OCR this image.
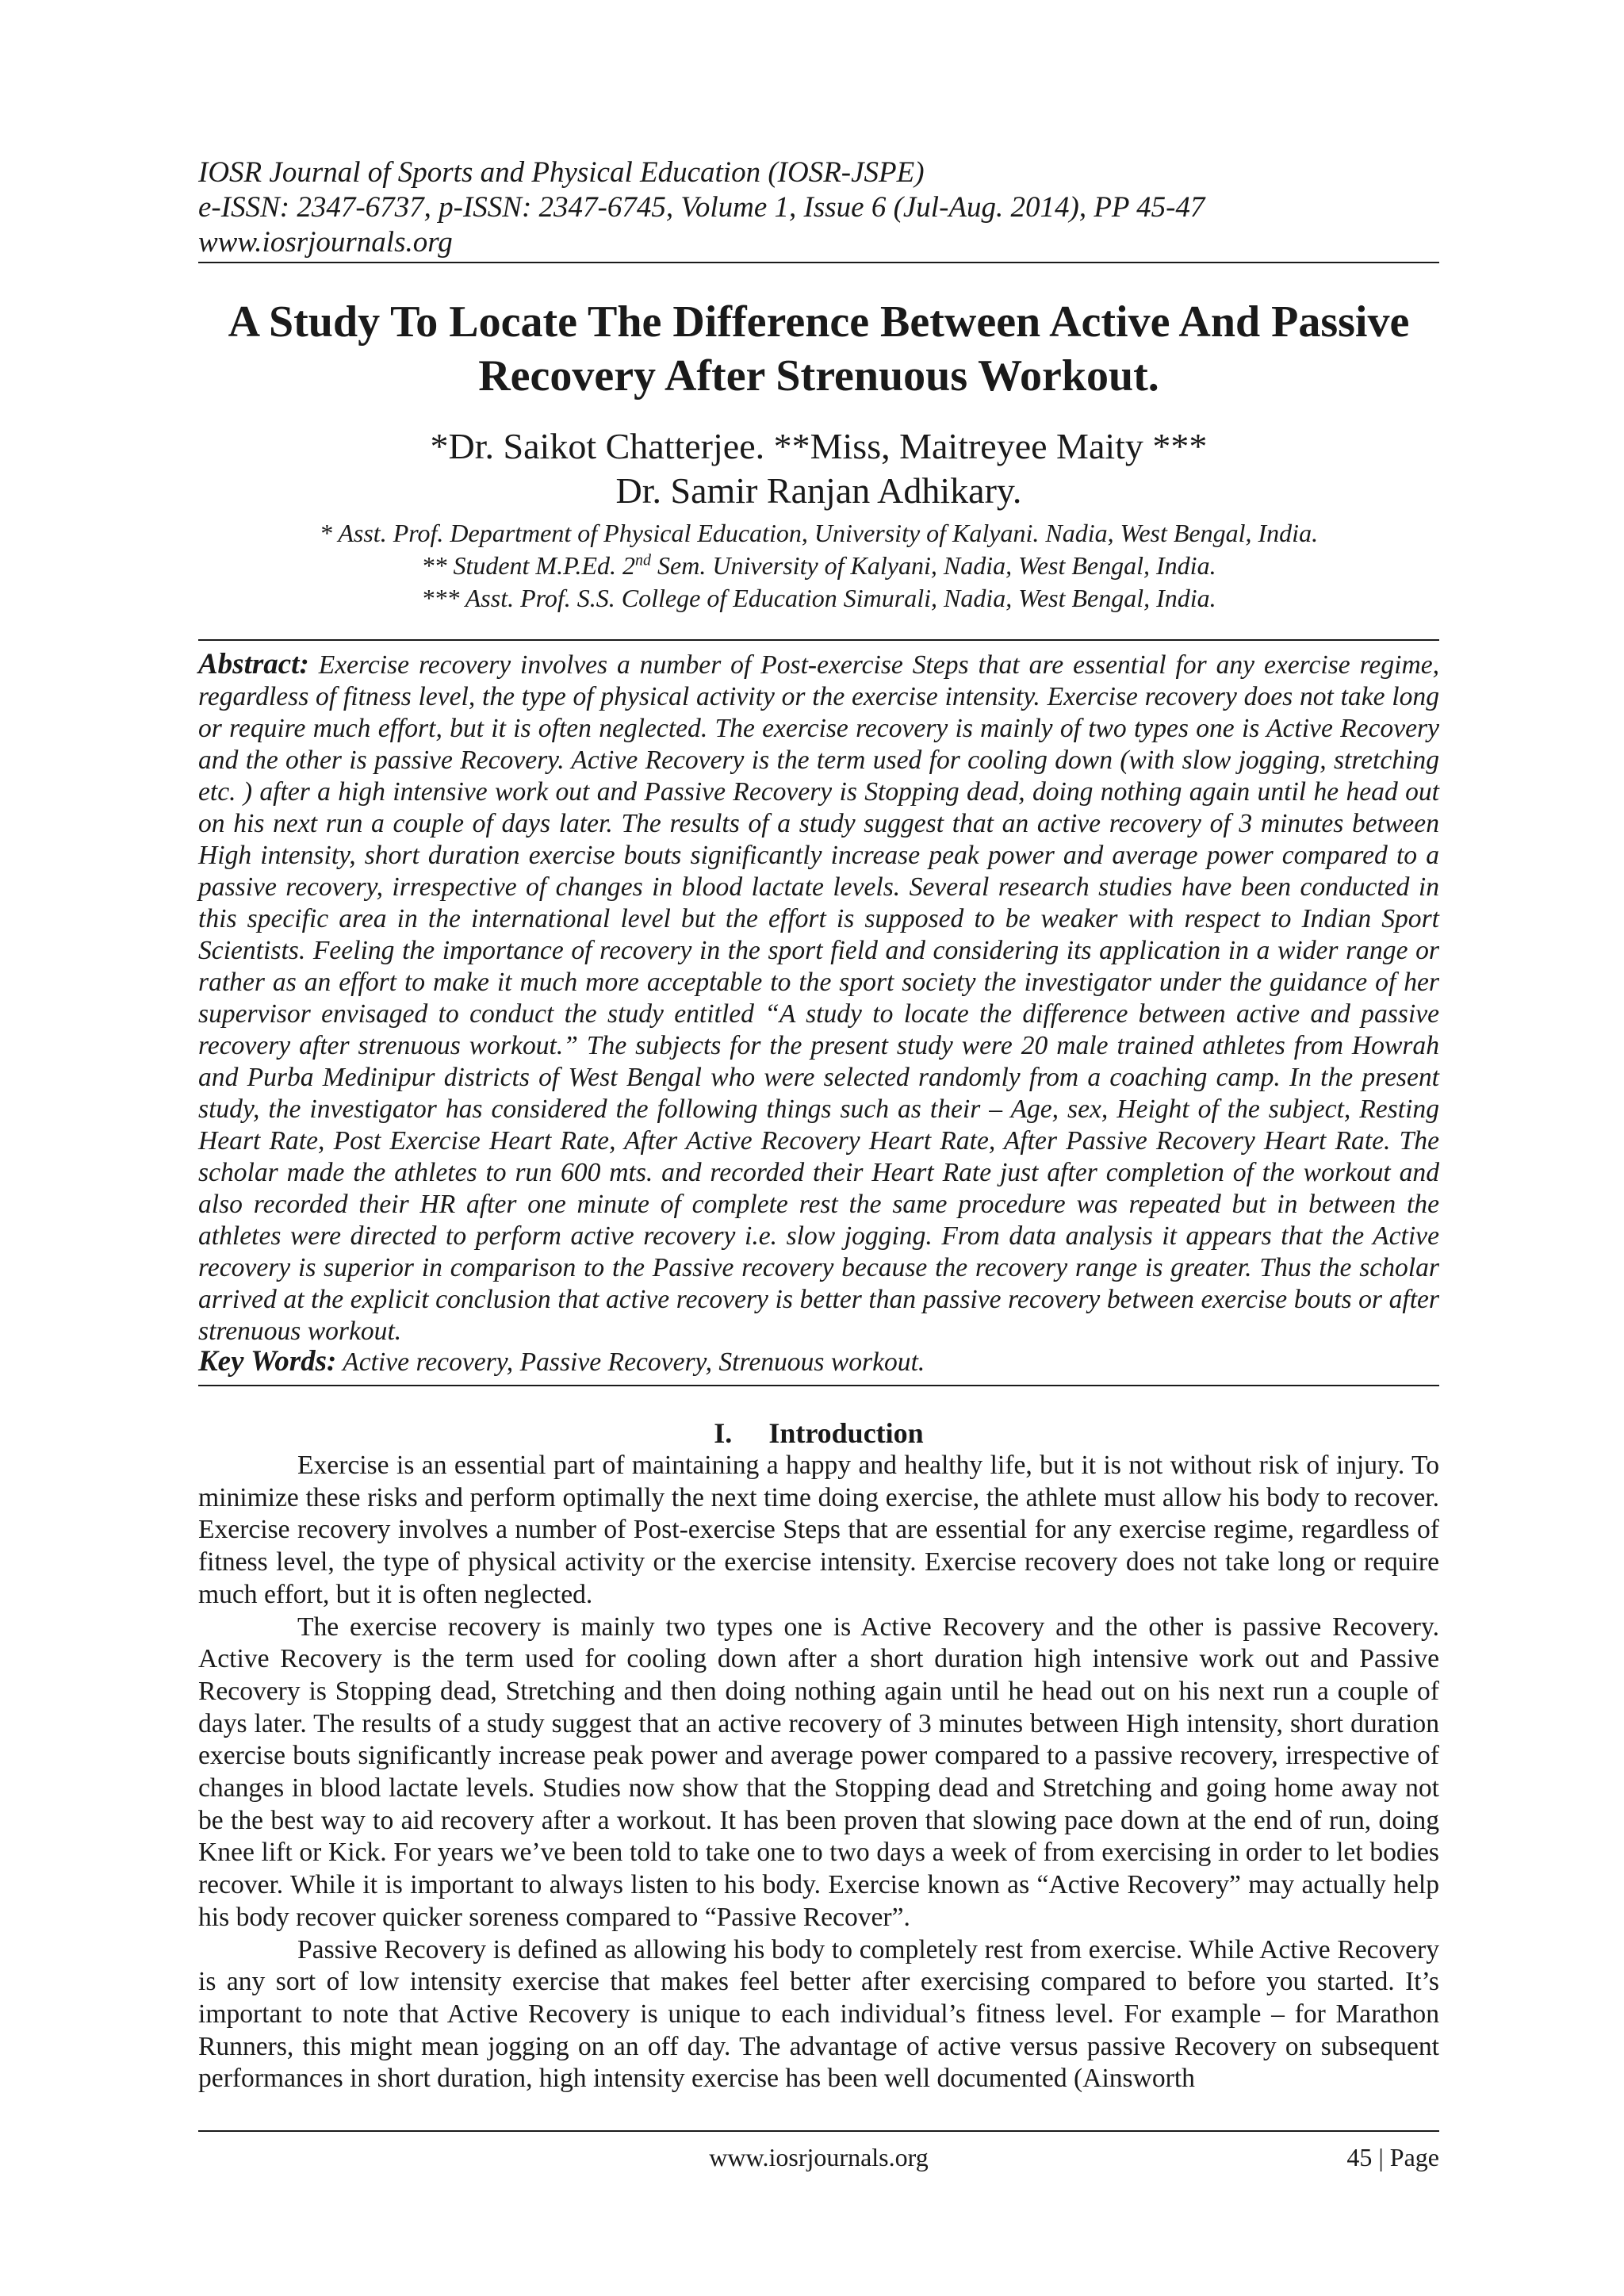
IOSR Journal of Sports and Physical Education (IOSR-JSPE)
e-ISSN: 2347-6737, p-ISSN: 2347-6745, Volume 1, Issue 6 (Jul-Aug. 2014), PP 45-47
www.iosrjournals.org
A Study To Locate The Difference Between Active And Passive
Recovery After Strenuous Workout.
*Dr. Saikot Chatterjee. **Miss, Maitreyee Maity ***
Dr. Samir Ranjan Adhikary.
* Asst. Prof. Department of Physical Education, University of Kalyani. Nadia, West Bengal, India.
** Student M.P.Ed. 2nd Sem. University of Kalyani, Nadia, West Bengal, India.
*** Asst. Prof. S.S. College of Education Simurali, Nadia, West Bengal, India.
Abstract: Exercise recovery involves a number of Post-exercise Steps that are essential for any exercise regime, regardless of fitness level, the type of physical activity or the exercise intensity. Exercise recovery does not take long or require much effort, but it is often neglected. The exercise recovery is mainly of two types one is Active Recovery and the other is passive Recovery. Active Recovery is the term used for cooling down (with slow jogging, stretching etc. ) after a high intensive work out and Passive Recovery is Stopping dead, doing nothing again until he head out on his next run a couple of days later. The results of a study suggest that an active recovery of 3 minutes between High intensity, short duration exercise bouts significantly increase peak power and average power compared to a passive recovery, irrespective of changes in blood lactate levels. Several research studies have been conducted in this specific area in the international level but the effort is supposed to be weaker with respect to Indian Sport Scientists. Feeling the importance of recovery in the sport field and considering its application in a wider range or rather as an effort to make it much more acceptable to the sport society the investigator under the guidance of her supervisor envisaged to conduct the study entitled “A study to locate the difference between active and passive recovery after strenuous workout.” The subjects for the present study were 20 male trained athletes from Howrah and Purba Medinipur districts of West Bengal who were selected randomly from a coaching camp. In the present study, the investigator has considered the following things such as their – Age, sex, Height of the subject, Resting Heart Rate, Post Exercise Heart Rate, After Active Recovery Heart Rate, After Passive Recovery Heart Rate. The scholar made the athletes to run 600 mts. and recorded their Heart Rate just after completion of the workout and also recorded their HR after one minute of complete rest the same procedure was repeated but in between the athletes were directed to perform active recovery i.e. slow jogging. From data analysis it appears that the Active recovery is superior in comparison to the Passive recovery because the recovery range is greater. Thus the scholar arrived at the explicit conclusion that active recovery is better than passive recovery between exercise bouts or after strenuous workout.
Key Words: Active recovery, Passive Recovery, Strenuous workout.
I. Introduction

Exercise is an essential part of maintaining a happy and healthy life, but it is not without risk of injury. To minimize these risks and perform optimally the next time doing exercise, the athlete must allow his body to recover. Exercise recovery involves a number of Post-exercise Steps that are essential for any exercise regime, regardless of fitness level, the type of physical activity or the exercise intensity. Exercise recovery does not take long or require much effort, but it is often neglected.

The exercise recovery is mainly two types one is Active Recovery and the other is passive Recovery. Active Recovery is the term used for cooling down after a short duration high intensive work out and Passive Recovery is Stopping dead, Stretching and then doing nothing again until he head out on his next run a couple of days later. The results of a study suggest that an active recovery of 3 minutes between High intensity, short duration exercise bouts significantly increase peak power and average power compared to a passive recovery, irrespective of changes in blood lactate levels. Studies now show that the Stopping dead and Stretching and going home away not be the best way to aid recovery after a workout. It has been proven that slowing pace down at the end of run, doing Knee lift or Kick. For years we’ve been told to take one to two days a week of from exercising in order to let bodies recover. While it is important to always listen to his body. Exercise known as “Active Recovery” may actually help his body recover quicker soreness compared to “Passive Recover”.

Passive Recovery is defined as allowing his body to completely rest from exercise. While Active Recovery is any sort of low intensity exercise that makes feel better after exercising compared to before you started. It’s important to note that Active Recovery is unique to each individual’s fitness level. For example – for Marathon Runners, this might mean jogging on an off day. The advantage of active versus passive Recovery on subsequent performances in short duration, high intensity exercise has been well documented (Ainsworth

www.iosrjournals.org	45 | Page
